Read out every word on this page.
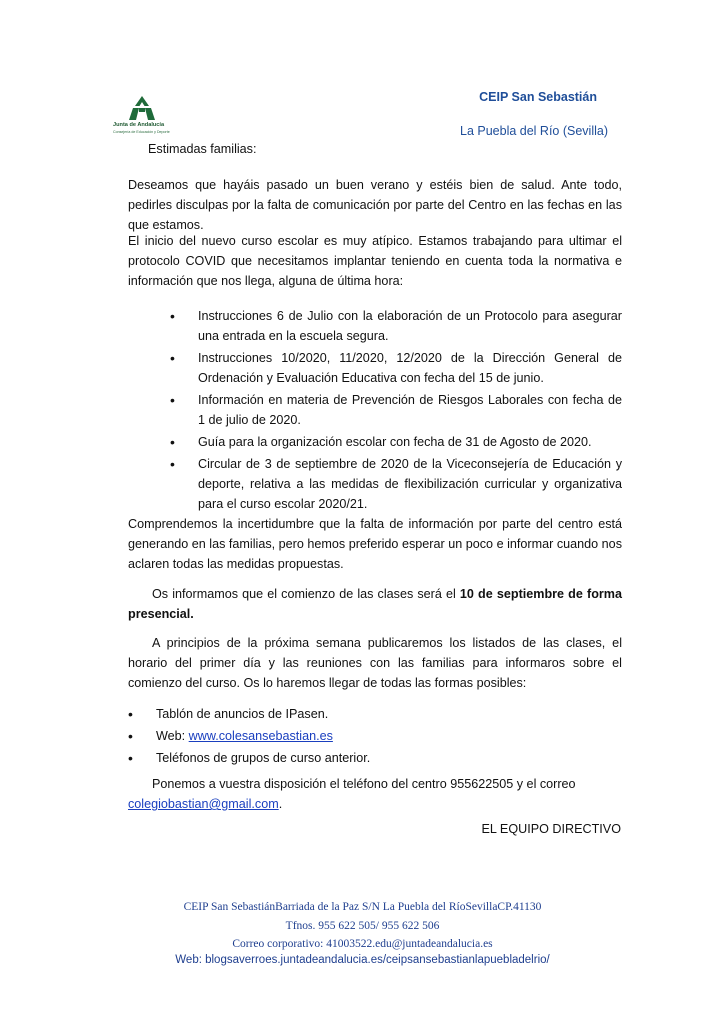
Junta de Andalucía
Consejería de Educación y Deporte
CEIP San Sebastián
La Puebla del Río (Sevilla)
Estimadas familias:
Deseamos que hayáis pasado un buen verano y estéis bien de salud. Ante todo, pedirles disculpas por la falta de comunicación por parte del Centro en las fechas en las que estamos.
El inicio del nuevo curso escolar es muy atípico. Estamos trabajando para ultimar el protocolo COVID que necesitamos implantar teniendo en cuenta toda la normativa e información que nos llega, alguna de última hora:
• Instrucciones 6 de Julio con la elaboración de un Protocolo para asegurar una entrada en la escuela segura.
• Instrucciones 10/2020, 11/2020, 12/2020 de la Dirección General de Ordenación y Evaluación Educativa con fecha del 15 de junio.
• Información en materia de Prevención de Riesgos Laborales con fecha de 1 de julio de 2020.
• Guía para la organización escolar con fecha de 31 de Agosto de 2020.
• Circular de 3 de septiembre de 2020 de la Viceconsejería de Educación y deporte, relativa a las medidas de flexibilización curricular y organizativa para el curso escolar 2020/21.
Comprendemos la incertidumbre que la falta de información por parte del centro está generando en las familias, pero hemos preferido esperar un poco e informar cuando nos aclaren todas las medidas propuestas.
Os informamos que el comienzo de las clases será el 10 de septiembre de forma presencial.
A principios de la próxima semana publicaremos los listados de las clases, el horario del primer día y las reuniones con las familias para informaros sobre el comienzo del curso. Os lo haremos llegar de todas las formas posibles:
• Tablón de anuncios de IPasen.
• Web: www.colesansebastian.es
• Teléfonos de grupos de curso anterior.
Ponemos a vuestra disposición el teléfono del centro 955622505 y el correo
colegiobastian@gmail.com.
EL EQUIPO DIRECTIVO
CEIP San SebastiánBarriada de la Paz S/N La Puebla del RíoSevillaCP.41130
Tfnos. 955 622 505/ 955 622 506
Correo corporativo: 41003522.edu@juntadeandalucia.es
Web: blogsaverroes.juntadeandalucia.es/ceipsansebastianlapuebladelrio/
